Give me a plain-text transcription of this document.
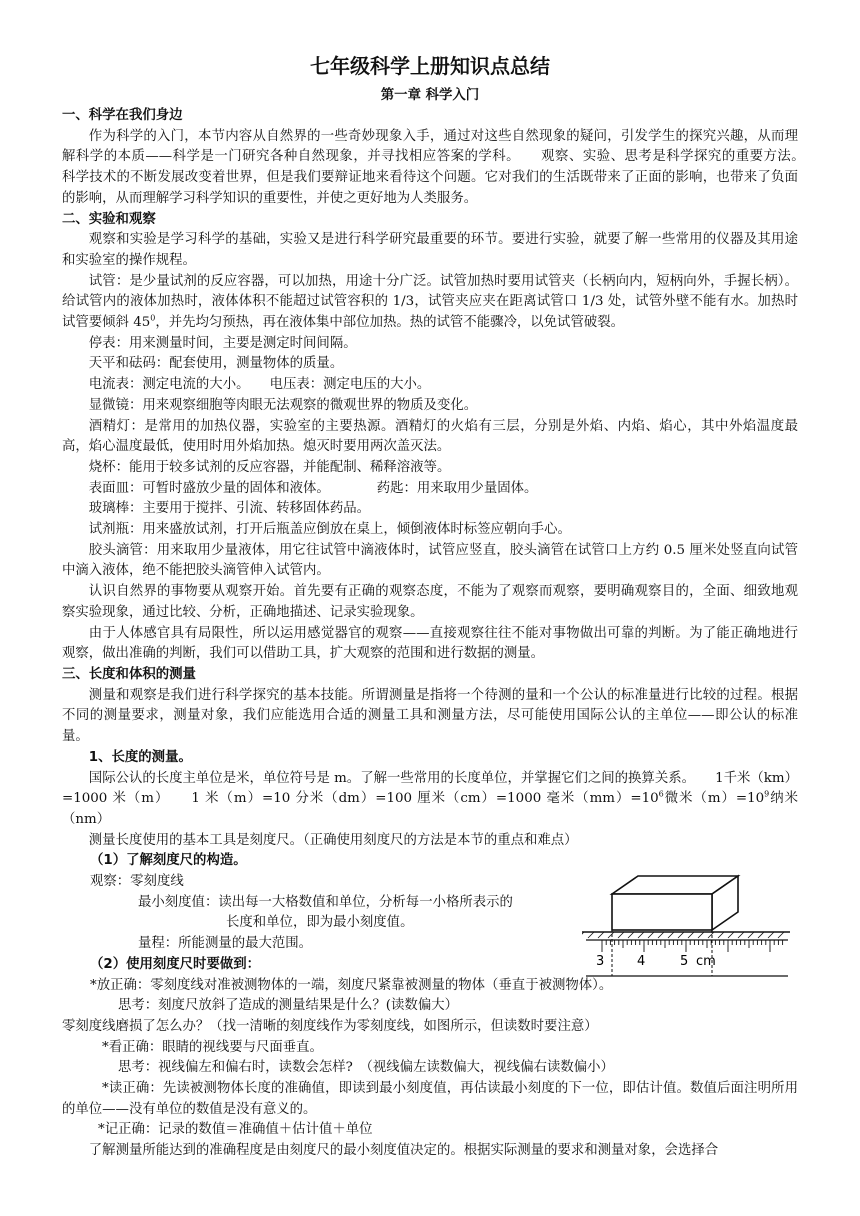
七年级科学上册知识点总结
第一章 科学入门
一、科学在我们身边

作为科学的入门，本节内容从自然界的一些奇妙现象入手，通过对这些自然现象的疑问，引发学生的探究兴趣，从而理解科学的本质——科学是一门研究各种自然现象，并寻找相应答案的学科。　　观察、实验、思考是科学探究的重要方法。　　科学技术的不断发展改变着世界，但是我们要辩证地来看待这个问题。它对我们的生活既带来了正面的影响，也带来了负面的影响，从而理解学习科学知识的重要性，并使之更好地为人类服务。

二、实验和观察

观察和实验是学习科学的基础，实验又是进行科学研究最重要的环节。要进行实验，就要了解一些常用的仪器及其用途和实验室的操作规程。

试管：是少量试剂的反应容器，可以加热，用途十分广泛。试管加热时要用试管夹（长柄向内，短柄向外，手握长柄）。给试管内的液体加热时，液体体积不能超过试管容积的 1/3，试管夹应夹在距离试管口 1/3 处，试管外壁不能有水。加热时试管要倾斜 $45^0$，并先均匀预热，再在液体集中部位加热。热的试管不能骤冷，以免试管破裂。

停表：用来测量时间，主要是测定时间间隔。

天平和砝码：配套使用，测量物体的质量。

电流表：测定电流的大小。　　电压表：测定电压的大小。

显微镜：用来观察细胞等肉眼无法观察的微观世界的物质及变化。

酒精灯：是常用的加热仪器，实验室的主要热源。酒精灯的火焰有三层，分别是外焰、内焰、焰心，其中外焰温度最高，焰心温度最低，使用时用外焰加热。熄灭时要用两次盖灭法。

烧杯：能用于较多试剂的反应容器，并能配制、稀释溶液等。

表面皿：可暂时盛放少量的固体和液体。　　　　药匙：用来取用少量固体。

玻璃棒：主要用于搅拌、引流、转移固体药品。

试剂瓶：用来盛放试剂，打开后瓶盖应倒放在桌上，倾倒液体时标签应朝向手心。

胶头滴管：用来取用少量液体，用它往试管中滴液体时，试管应竖直，胶头滴管在试管口上方约 0.5 厘米处竖直向试管中滴入液体，绝不能把胶头滴管伸入试管内。

认识自然界的事物要从观察开始。首先要有正确的观察态度，不能为了观察而观察，要明确观察目的，全面、细致地观察实验现象，通过比较、分析，正确地描述、记录实验现象。

由于人体感官具有局限性，所以运用感觉器官的观察——直接观察往往不能对事物做出可靠的判断。为了能正确地进行观察，做出准确的判断，我们可以借助工具，扩大观察的范围和进行数据的测量。

三、长度和体积的测量

测量和观察是我们进行科学探究的基本技能。所谓测量是指将一个待测的量和一个公认的标准量进行比较的过程。根据不同的测量要求，测量对象，我们应能选用合适的测量工具和测量方法，尽可能使用国际公认的主单位——即公认的标准量。

1、长度的测量。

国际公认的长度主单位是米，单位符号是 m。了解一些常用的长度单位，并掌握它们之间的换算关系。　　1千米（km）=1000 米（m）　　1 米（m）=10 分米（dm）=100 厘米（cm）=1000 毫米$(mm)=10^6$微米$(m)=10^9$纳米（nm）

测量长度使用的基本工具是刻度尺。（正确使用刻度尺的方法是本节的重点和难点）

（1）了解刻度尺的构造。

观察：零刻度线

最小刻度值：读出每一大格数值和单位，分析每一小格所表示的

长度和单位，即为最小刻度值。

量程：所能测量的最大范围。

3	4	5 cm

（2）使用刻度尺时要做到：

*放正确：零刻度线对准被测物体的一端，刻度尺紧靠被测量的物体（垂直于被测物体）。

思考：刻度尺放斜了造成的测量结果是什么？(读数偏大）

零刻度线磨损了怎么办？（找一清晰的刻度线作为零刻度线，如图所示，但读数时要注意）

*看正确：眼睛的视线要与尺面垂直。

思考：视线偏左和偏右时，读数会怎样?　（视线偏左读数偏大，视线偏右读数偏小）

*读正确：先读被测物体长度的准确值，即读到最小刻度值，再估读最小刻度的下一位，即估计值。数值后面注明所用的单位——没有单位的数值是没有意义的。

*记正确：记录的数值＝准确值＋估计值＋单位

了解测量所能达到的准确程度是由刻度尺的最小刻度值决定的。根据实际测量的要求和测量对象，会选择合
